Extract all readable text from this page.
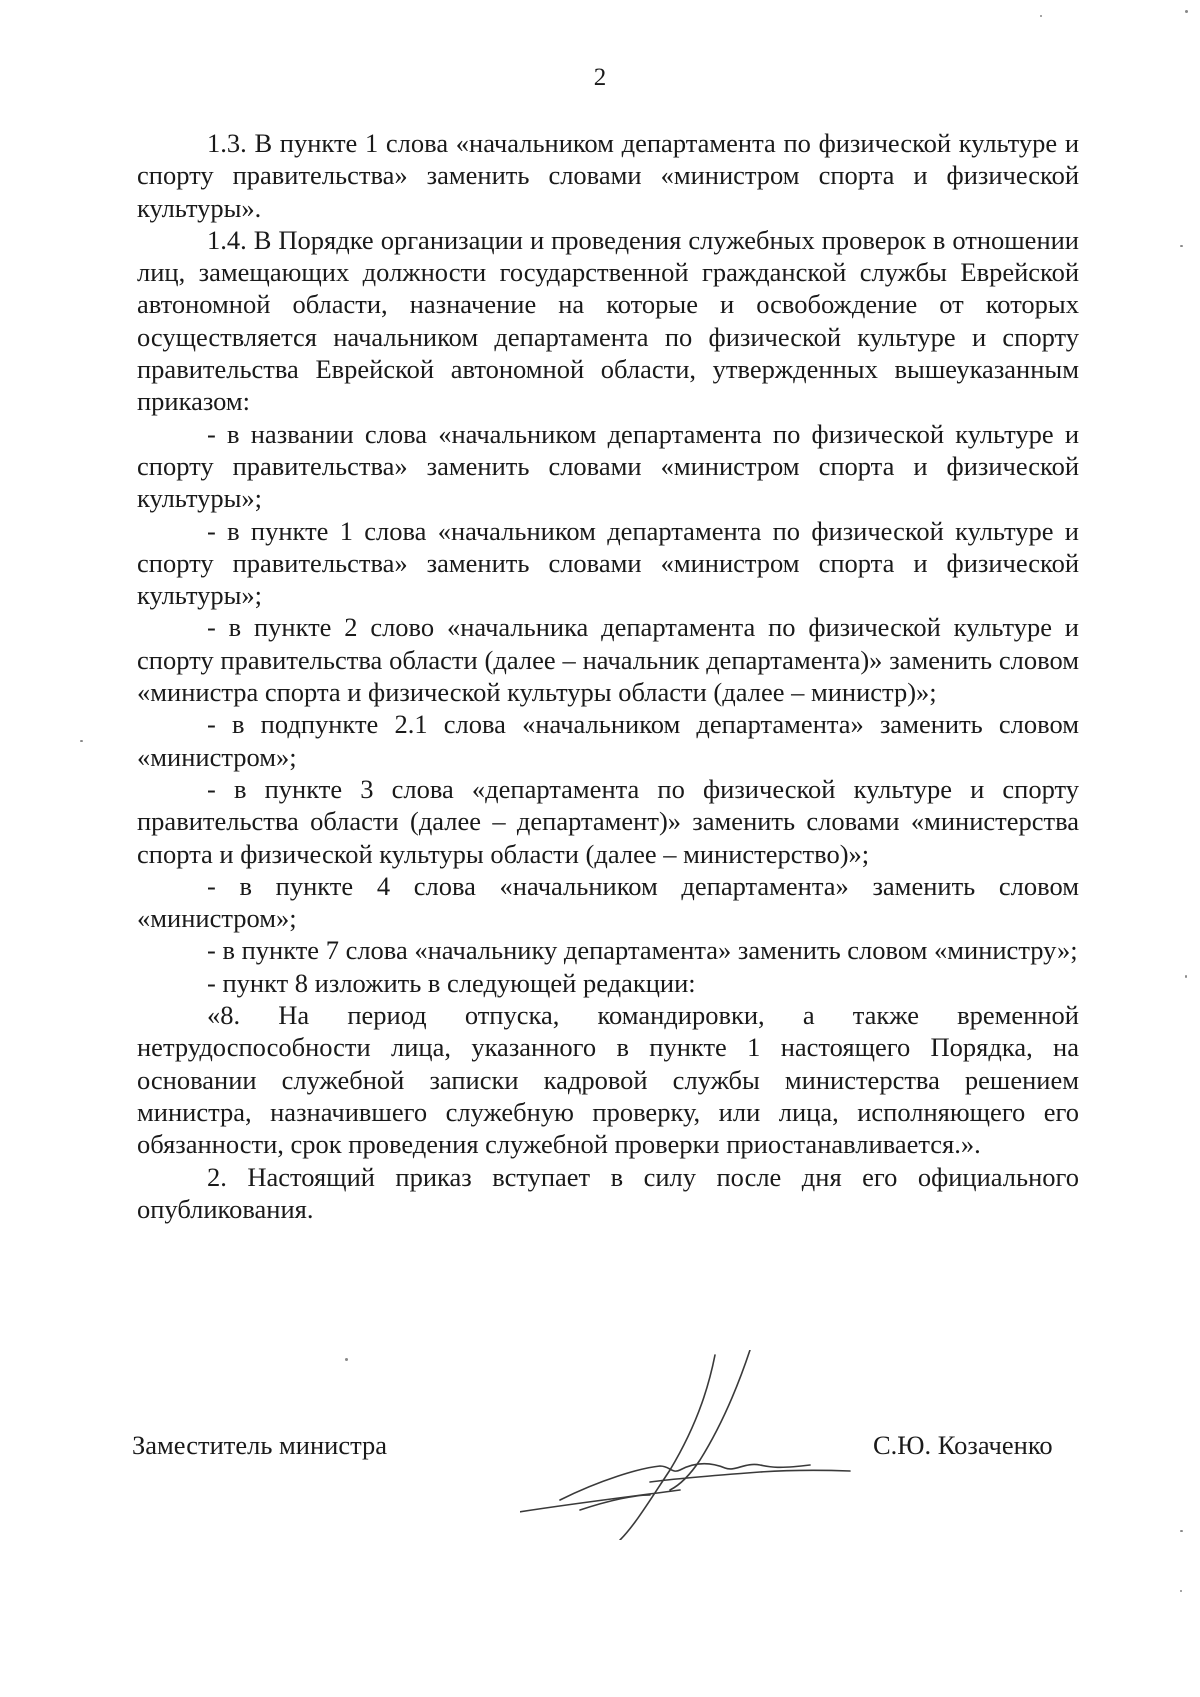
2

1.3. В пункте 1 слова «начальником департамента по физической культуре и спорту правительства» заменить словами «министром спорта и физической культуры».

1.4. В Порядке организации и проведения служебных проверок в отношении лиц, замещающих должности государственной гражданской службы Еврейской автономной области, назначение на которые и освобождение от которых осуществляется начальником департамента по физической культуре и спорту правительства Еврейской автономной области, утвержденных вышеуказанным приказом:

- в названии слова «начальником департамента по физической культуре и спорту правительства» заменить словами «министром спорта и физической культуры»;

- в пункте 1 слова «начальником департамента по физической культуре и спорту правительства» заменить словами «министром спорта и физической культуры»;

- в пункте 2 слово «начальника департамента по физической культуре и спорту правительства области (далее – начальник департамента)» заменить словом «министра спорта и физической культуры области (далее – министр)»;

- в подпункте 2.1 слова «начальником департамента» заменить словом «министром»;

- в пункте 3 слова «департамента по физической культуре и спорту правительства области (далее – департамент)» заменить словами «министерства спорта и физической культуры области (далее – министерство)»;

- в пункте 4 слова «начальником департамента» заменить словом «министром»;

- в пункте 7 слова «начальнику департамента» заменить словом «министру»;

- пункт 8 изложить в следующей редакции:

«8. На период отпуска, командировки, а также временной нетрудоспособности лица, указанного в пункте 1 настоящего Порядка, на основании служебной записки кадровой службы министерства решением министра, назначившего служебную проверку, или лица, исполняющего его обязанности, срок проведения служебной проверки приостанавливается.».

2. Настоящий приказ вступает в силу после дня его официального опубликования.

Заместитель министра	С.Ю. Козаченко
